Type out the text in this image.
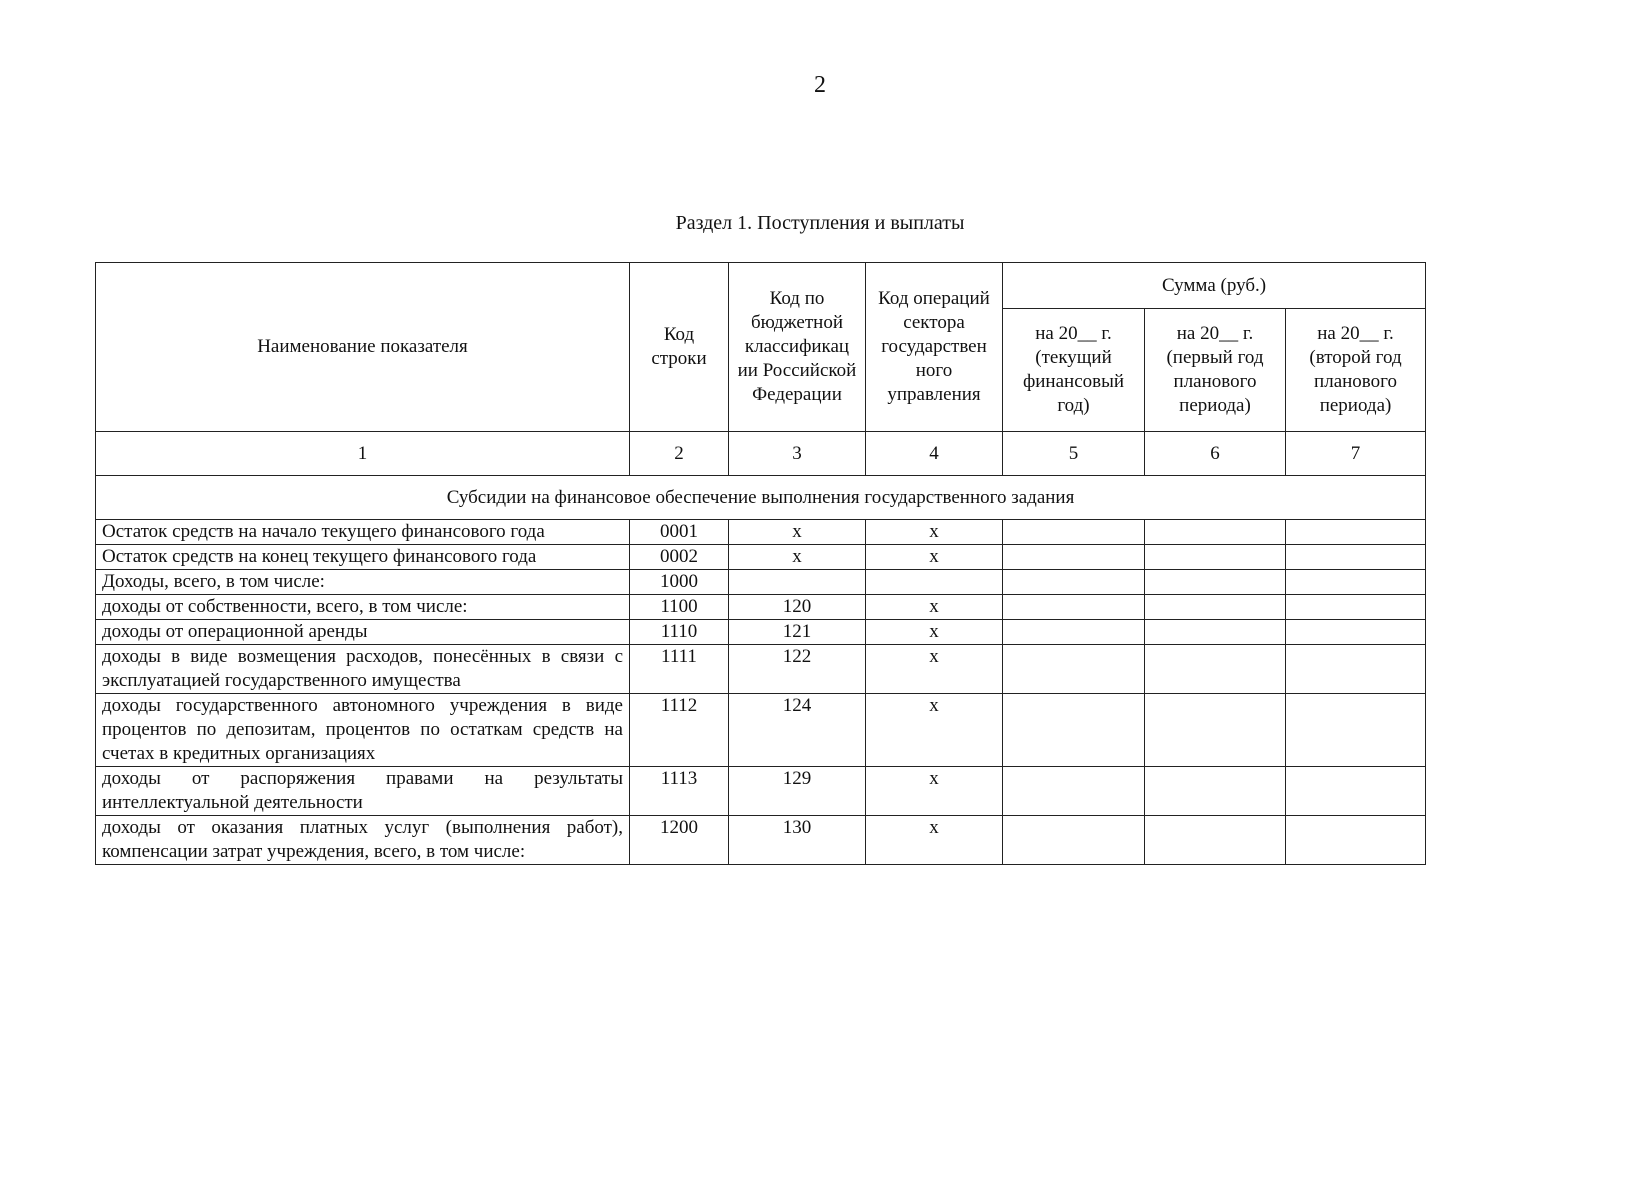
2
Раздел 1. Поступления и выплаты
Наименование показателя	Код строки	Код по бюджетной классификац ии Российской Федерации	Код операций сектора государствен ного управления	Сумма (руб.)		
				на 20__ г. (текущий финансовый год)	на 20__ г. (первый год планового периода)	на 20__ г. (второй год планового периода)
1	2	3	4	5	6	7
Субсидии на финансовое обеспечение выполнения государственного задания						
Остаток средств на начало текущего финансового года	0001	х	х			
Остаток средств на конец текущего финансового года	0002	х	х			
Доходы, всего, в том числе:	1000					
доходы от собственности, всего, в том числе:	1100	120	х			
доходы от операционной аренды	1110	121	х			
доходы в виде возмещения расходов, понесённых в связи с эксплуатацией государственного имущества	1111	122	х			
доходы государственного автономного учреждения в виде процентов по депозитам, процентов по остаткам средств на счетах в кредитных организациях	1112	124	х			
доходы от распоряжения правами на результаты интеллектуальной деятельности	1113	129	х			
доходы от оказания платных услуг (выполнения работ), компенсации затрат учреждения, всего, в том числе:	1200	130	х			
